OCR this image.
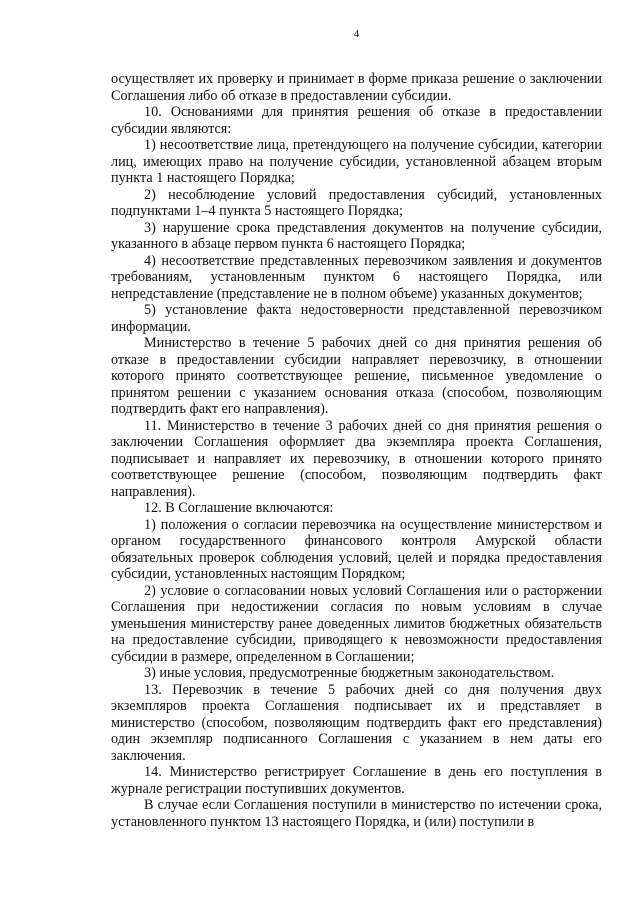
4

осуществляет их проверку и принимает в форме приказа решение о заключении Соглашения либо об отказе в предоставлении субсидии.

10. Основаниями для принятия решения об отказе в предоставлении субсидии являются:

1) несоответствие лица, претендующего на получение субсидии, категории лиц, имеющих право на получение субсидии, установленной абзацем вторым пункта 1 настоящего Порядка;

2) несоблюдение условий предоставления субсидий, установленных подпунктами 1–4 пункта 5 настоящего Порядка;

3) нарушение срока представления документов на получение субсидии, указанного в абзаце первом пункта 6 настоящего Порядка;

4) несоответствие представленных перевозчиком заявления и документов требованиям, установленным пунктом 6 настоящего Порядка, или непредставление (представление не в полном объеме) указанных документов;

5) установление факта недостоверности представленной перевозчиком информации.

Министерство в течение 5 рабочих дней со дня принятия решения об отказе в предоставлении субсидии направляет перевозчику, в отношении которого принято соответствующее решение, письменное уведомление о принятом решении с указанием основания отказа (способом, позволяющим подтвердить факт его направления).

11. Министерство в течение 3 рабочих дней со дня принятия решения о заключении Соглашения оформляет два экземпляра проекта Соглашения, подписывает и направляет их перевозчику, в отношении которого принято соответствующее решение (способом, позволяющим подтвердить факт направления).

12. В Соглашение включаются:

1) положения о согласии перевозчика на осуществление министерством и органом государственного финансового контроля Амурской области обязательных проверок соблюдения условий, целей и порядка предоставления субсидии, установленных настоящим Порядком;

2) условие о согласовании новых условий Соглашения или о расторжении Соглашения при недостижении согласия по новым условиям в случае уменьшения министерству ранее доведенных лимитов бюджетных обязательств на предоставление субсидии, приводящего к невозможности предоставления субсидии в размере, определенном в Соглашении;

3) иные условия, предусмотренные бюджетным законодательством.

13. Перевозчик в течение 5 рабочих дней со дня получения двух экземпляров проекта Соглашения подписывает их и представляет в министерство (способом, позволяющим подтвердить факт его представления) один экземпляр подписанного Соглашения с указанием в нем даты его заключения.

14. Министерство регистрирует Соглашение в день его поступления в журнале регистрации поступивших документов.

В случае если Соглашения поступили в министерство по истечении срока, установленного пунктом 13 настоящего Порядка, и (или) поступили в
